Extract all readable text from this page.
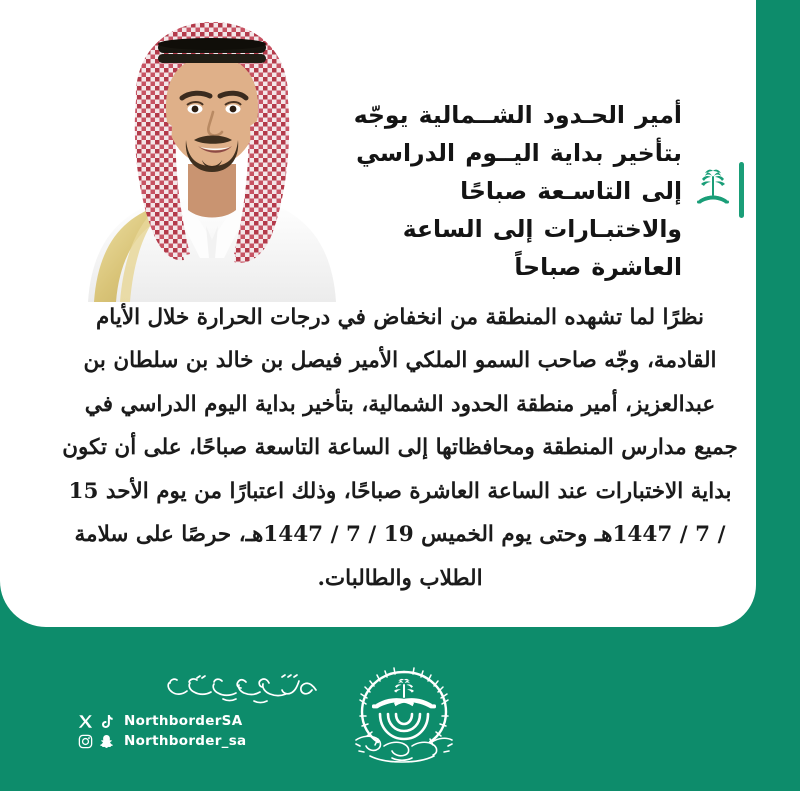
أمير الحـدود الشــمالية يوجّه بتأخير بداية اليــوم الدراسي إلى التاسـعة صباحًا والاختبـارات إلى الساعة العاشرة صباحاً

نظرًا لما تشهده المنطقة من انخفاض في درجات الحرارة خلال الأيام القادمة، وجّه صاحب السمو الملكي الأمير فيصل بن خالد بن سلطان بن عبدالعزيز، أمير منطقة الحدود الشمالية، بتأخير بداية اليوم الدراسي في جميع مدارس المنطقة ومحافظاتها إلى الساعة التاسعة صباحًا، على أن تكون بداية الاختبارات عند الساعة العاشرة صباحًا، وذلك اعتبارًا من يوم الأحد 15 / 7 / 1447هـ وحتى يوم الخميس 19 / 7 / 1447هـ، حرصًا على سلامة الطلاب والطالبات.

NorthborderSA
Northborder_sa
